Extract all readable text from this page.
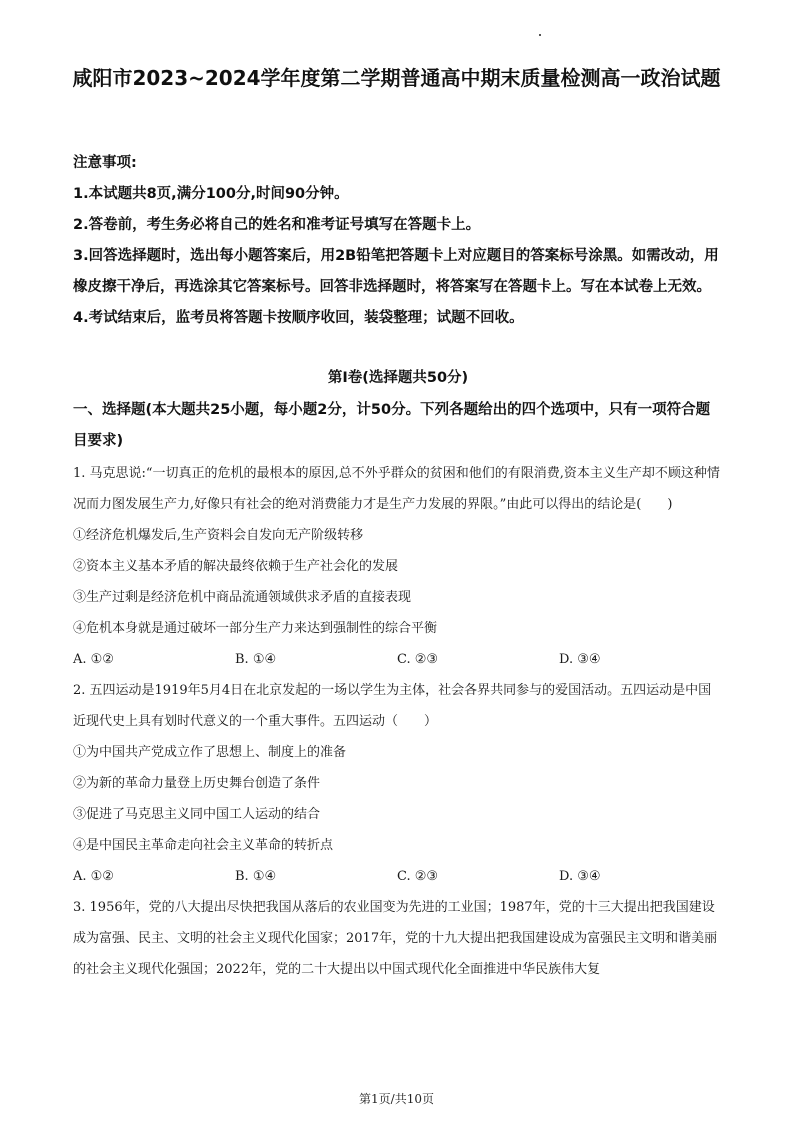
咸阳市2023~2024学年度第二学期普通高中期末质量检测高一政治试题

注意事项:

1.本试题共8页,满分100分,时间90分钟。

2.答卷前，考生务必将自己的姓名和准考证号填写在答题卡上。

3.回答选择题时，选出每小题答案后，用2B铅笔把答题卡上对应题目的答案标号涂黑。如需改动，用橡皮擦干净后，再选涂其它答案标号。回答非选择题时，将答案写在答题卡上。写在本试卷上无效。

4.考试结束后，监考员将答题卡按顺序收回，装袋整理；试题不回收。

第Ⅰ卷(选择题共50分)
一、选择题(本大题共25小题，每小题2分，计50分。下列各题给出的四个选项中，只有一项符合题目要求)

1. 马克思说:“一切真正的危机的最根本的原因,总不外乎群众的贫困和他们的有限消费,资本主义生产却不顾这种情况而力图发展生产力,好像只有社会的绝对消费能力才是生产力发展的界限。”由此可以得出的结论是(　　)

①经济危机爆发后,生产资料会自发向无产阶级转移

②资本主义基本矛盾的解决最终依赖于生产社会化的发展

③生产过剩是经济危机中商品流通领域供求矛盾的直接表现

④危机本身就是通过破坏一部分生产力来达到强制性的综合平衡

A. ①②	B. ①④	C. ②③	D. ③④

2. 五四运动是1919年5月4日在北京发起的一场以学生为主体，社会各界共同参与的爱国活动。五四运动是中国近现代史上具有划时代意义的一个重大事件。五四运动（　　）

①为中国共产党成立作了思想上、制度上的准备

②为新的革命力量登上历史舞台创造了条件

③促进了马克思主义同中国工人运动的结合

④是中国民主革命走向社会主义革命的转折点

A. ①②	B. ①④	C. ②③	D. ③④

3. 1956年，党的八大提出尽快把我国从落后的农业国变为先进的工业国；1987年，党的十三大提出把我国建设成为富强、民主、文明的社会主义现代化国家；2017年，党的十九大提出把我国建设成为富强民主文明和谐美丽的社会主义现代化强国；2022年，党的二十大提出以中国式现代化全面推进中华民族伟大复

第1页/共10页
